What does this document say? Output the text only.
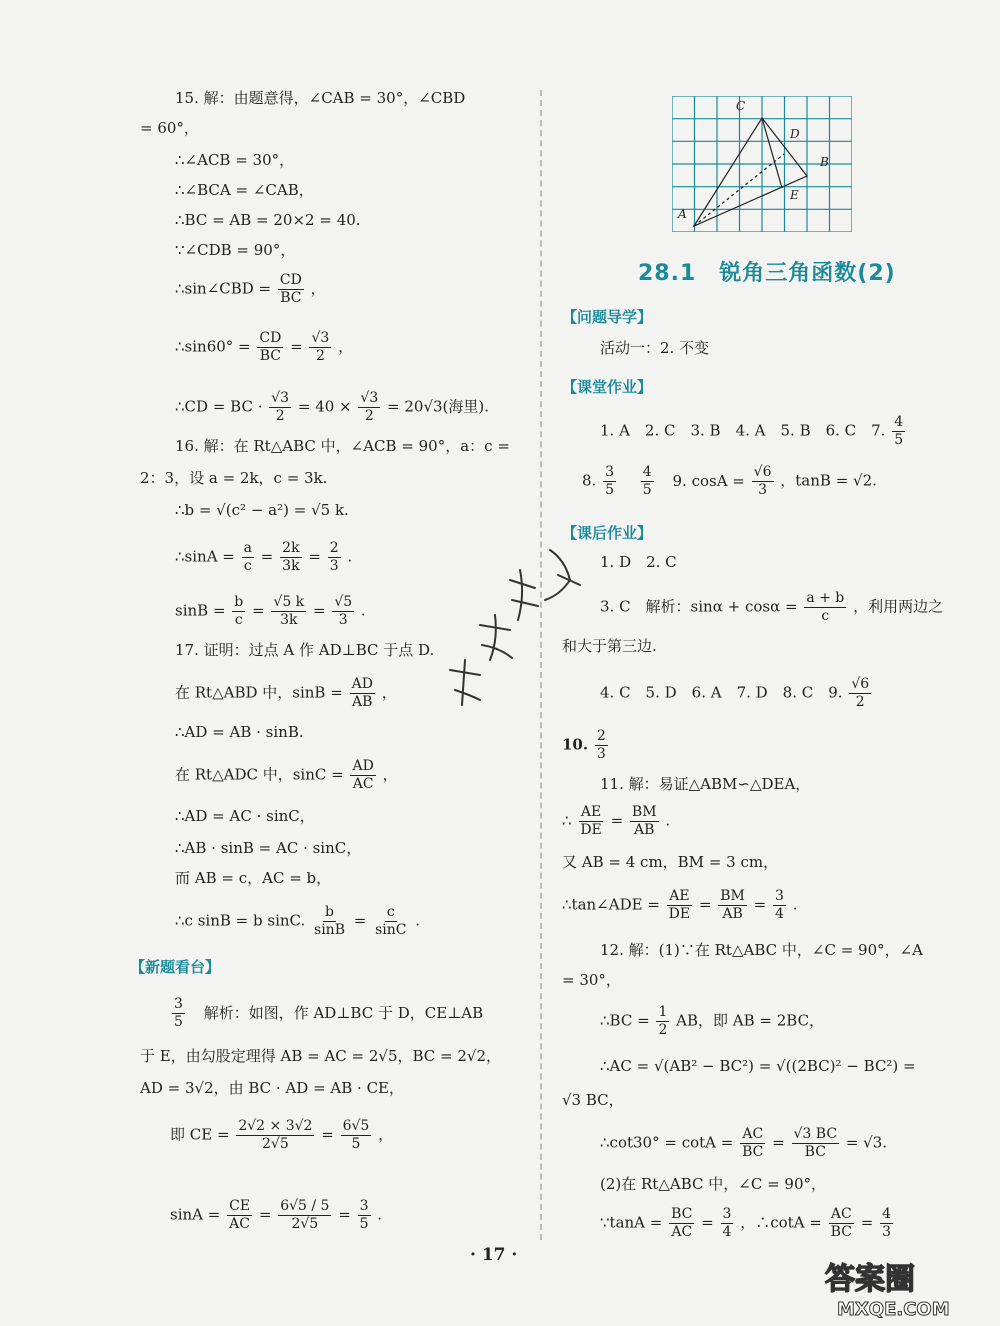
15. 解：由题意得，∠CAB = 30°，∠CBD
= 60°，
∴∠ACB = 30°，
∴∠BCA = ∠CAB，
∴BC = AB = 20×2 = 40.
∵∠CDB = 90°，
∴sin∠CBD = $\frac{CD}{BC}$ ，
∴sin60° = $\frac{CD}{BC} = \frac{√3}{2}$ ，
∴CD = BC · $\frac{√3}{2} = 40 \times \frac{√3}{2} = 20√3$(海里).
16. 解：在 Rt△ABC 中，∠ACB = 90°，a：c =
2：3，设 a = 2k，c = 3k.
∴b = √(c² − a²) = √5 k.
∴sinA = $\frac{a}{c} = \frac{2k}{3k} = \frac{2}{3}$ .
$\sin B = \frac{b}{c} = \frac{√5 k}{3k} = \frac{√5}{3}$ .
17. 证明：过点 A 作 AD⊥BC 于点 D.
在 Rt△ABD 中，$\sin B = \frac{AD}{AB}$ ，
∴AD = AB · sinB.
在 Rt△ADC 中，$\sin C = \frac{AD}{AC}$ ，
∴AD = AC · sinC，
∴AB · sinB = AC · sinC，
而 AB = c，AC = b，
∴c sinB = b sinC. $\frac{b}{\sin B} = \frac{c}{\sin C}$ .
【新题看台】
$\frac{3}{5}$ 解析：如图，作 AD⊥BC 于 D，CE⊥AB
于 E，由勾股定理得 AB = AC = 2√5，BC = 2√2，
AD = 3√2，由 BC · AD = AB · CE，
即 CE = $\frac{2√2 \times 3√2}{2√5} = \frac{6√5}{5}$ ，
$\sin A = \frac{CE}{AC} = \frac{6√5 / 5}{2√5} = \frac{3}{5}$ .
C
D
B
E
A
28.1　锐角三角函数(2)
【问题导学】
活动一：2. 不变
【课堂作业】
1. A　2. C　3. B　4. A　5. B　6. C　7. $\frac{4}{5}$
8. $\frac{3}{5}$
$\frac{4}{5} 9$. $\cos A = \frac{√6}{3}$ ，tanB = √2.
【课后作业】
1. D　2. C
3. C　解析：$\sin\alpha + \cos\alpha = \frac{a + b}{c}$ ，利用两边之
和大于第三边.
4. C　5. D　6. A　7. D　8. C　9. $\frac{√6}{2}$
10. $\frac{2}{3}$
11. 解：易证△ABM∽△DEA，
∴ $\frac{AE}{DE} = \frac{BM}{AB}$ .
又 AB = 4 cm，BM = 3 cm，
∴tan∠ADE = $\frac{AE}{DE} = \frac{BM}{AB} = \frac{3}{4}$ .
12. 解：(1)∵在 Rt△ABC 中，∠C = 90°，∠A
= 30°，
∴BC = $\frac{1}{2}$ AB，即 AB = 2BC，
∴AC = √(AB² − BC²) = √((2BC)² − BC²) =
√3 BC，
∴cot30° = $\cot A = \frac{AC}{BC} = \frac{√3 BC}{BC} = √3$.
(2)在 Rt△ABC 中，∠C = 90°，
∵tanA = $\frac{BC}{AC} = \frac{3}{4}$ ，∴cotA = $\frac{AC}{BC} = \frac{4}{3}$
· 17 ·
答案圈
MXQE.COM
